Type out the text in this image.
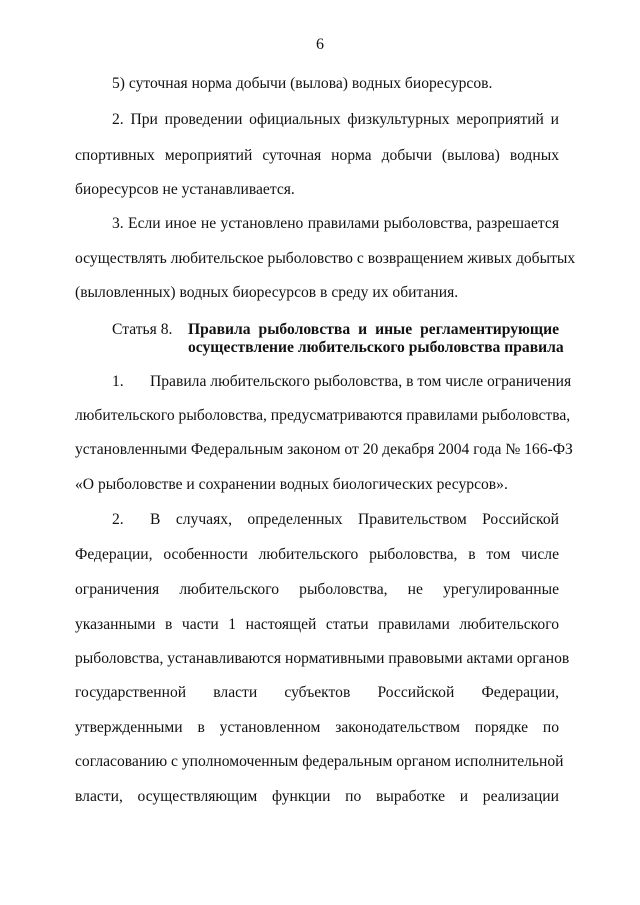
6
5) суточная норма добычи (вылова) водных биоресурсов.
2. При проведении официальных физкультурных мероприятий и
спортивных мероприятий суточная норма добычи (вылова) водных
биоресурсов не устанавливается.
3. Если иное не установлено правилами рыболовства, разрешается
осуществлять любительское рыболовство с возвращением живых добытых
(выловленных) водных биоресурсов в среду их обитания.
Статья 8. Правила рыболовства и иные регламентирующие
осуществление любительского рыболовства правила
1. Правила любительского рыболовства, в том числе ограничения
любительского рыболовства, предусматриваются правилами рыболовства,
установленными Федеральным законом от 20 декабря 2004 года № 166-ФЗ
«О рыболовстве и сохранении водных биологических ресурсов».
2. В случаях, определенных Правительством Российской
Федерации, особенности любительского рыболовства, в том числе
ограничения любительского рыболовства, не урегулированные
указанными в части 1 настоящей статьи правилами любительского
рыболовства, устанавливаются нормативными правовыми актами органов
государственной власти субъектов Российской Федерации,
утвержденными в установленном законодательством порядке по
согласованию с уполномоченным федеральным органом исполнительной
власти, осуществляющим функции по выработке и реализации
